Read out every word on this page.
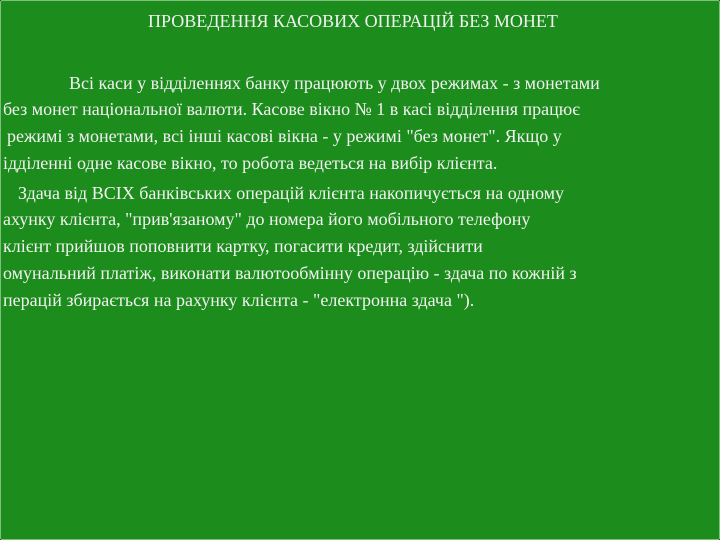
ПРОВЕДЕННЯ КАСОВИХ ОПЕРАЦІЙ БЕЗ МОНЕТ
Всі каси у відділеннях банку працюють у двох режимах - з монетами
без монет національної валюти. Касове вікно № 1 в касі відділення працює
режимі з монетами, всі інші касові вікна - у режимі "без монет". Якщо у
ідділенні одне касове вікно, то робота ведеться на вибір клієнта.
Здача від ВСІХ банківських операцій клієнта накопичується на одному
ахунку клієнта, "прив'язаному" до номера його мобільного телефону
клієнт прийшов поповнити картку, погасити кредит, здійснити
омунальний платіж, виконати валютообмінну операцію - здача по кожній з
перацій збирається на рахунку клієнта - "електронна здача ").
